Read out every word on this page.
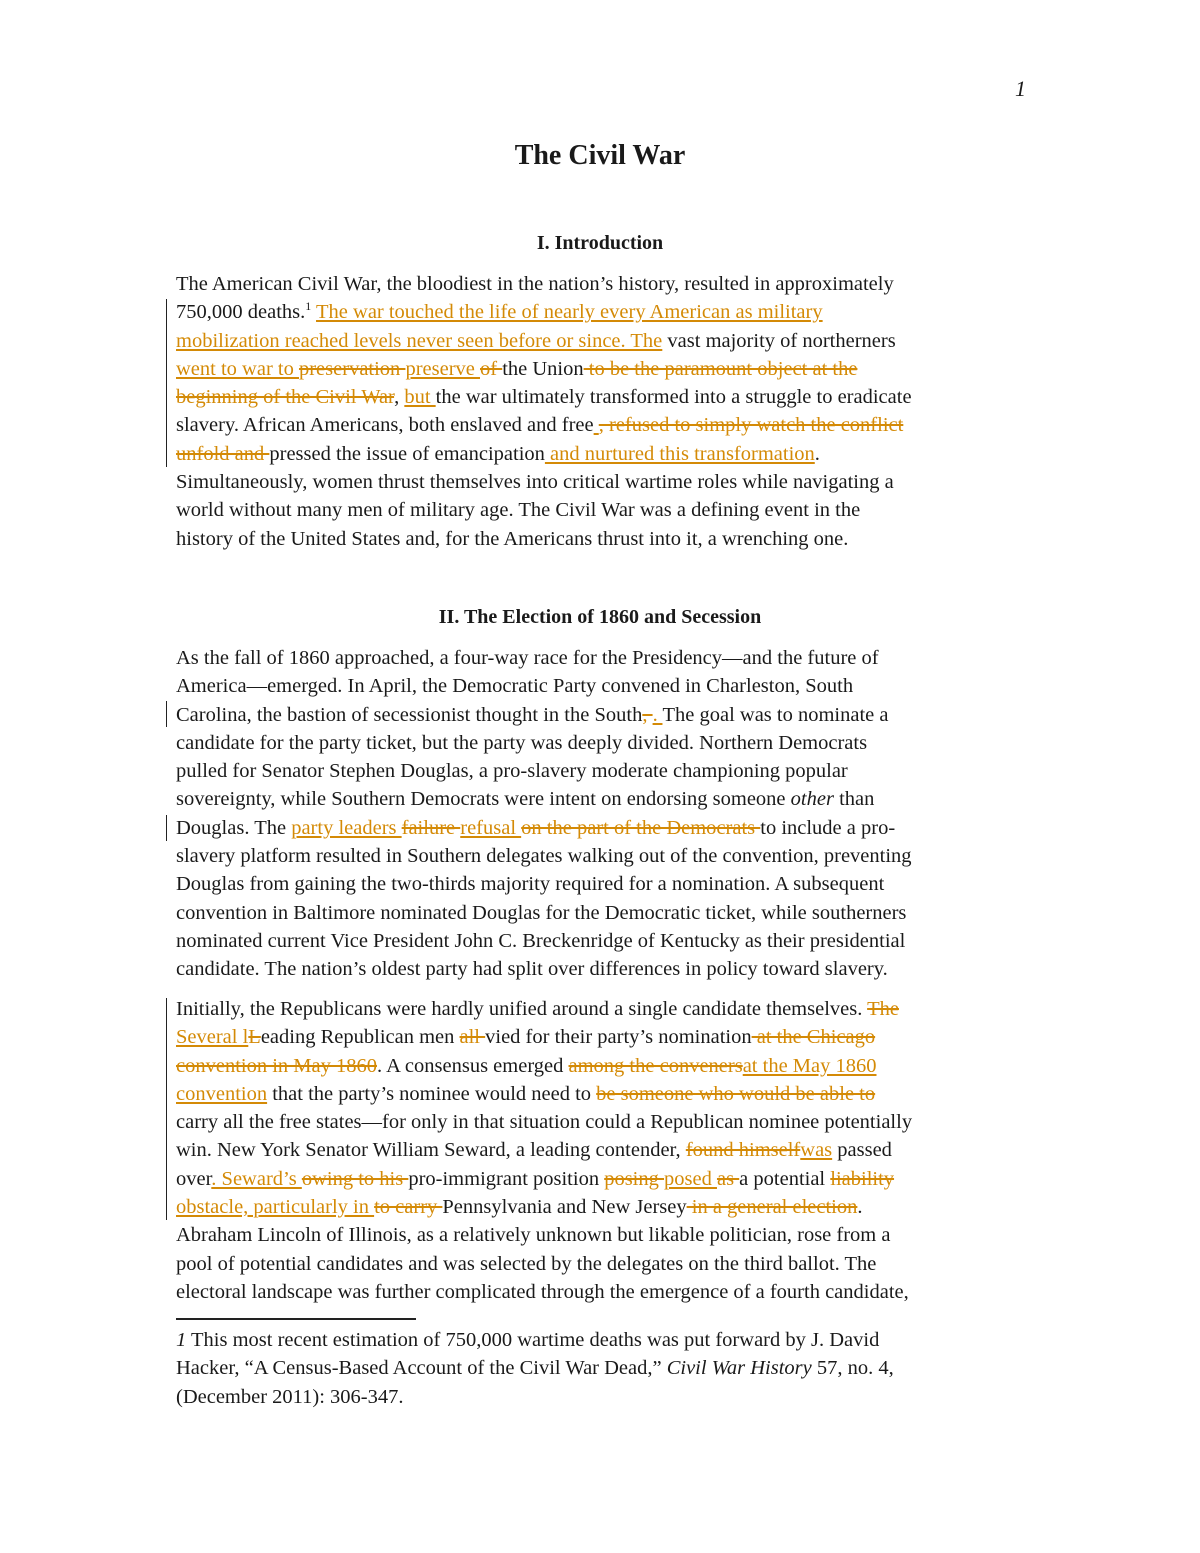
1
The Civil War
I. Introduction
The American Civil War, the bloodiest in the nation’s history, resulted in approximately
750,000 deaths.$^1$ The war touched the life of nearly every American as military
mobilization reached levels never seen before or since. The vast majority of northerners
went to war to preservation preserve of the Union to be the paramount object at the
beginning of the Civil War, but the war ultimately transformed into a struggle to eradicate
slavery. African Americans, both enslaved and free , refused to simply watch the conflict
unfold and pressed the issue of emancipation and nurtured this transformation.
Simultaneously, women thrust themselves into critical wartime roles while navigating a
world without many men of military age. The Civil War was a defining event in the
history of the United States and, for the Americans thrust into it, a wrenching one.
II. The Election of 1860 and Secession
As the fall of 1860 approached, a four-way race for the Presidency—and the future of
America—emerged. In April, the Democratic Party convened in Charleston, South
Carolina, the bastion of secessionist thought in the South, . The goal was to nominate a
candidate for the party ticket, but the party was deeply divided. Northern Democrats
pulled for Senator Stephen Douglas, a pro-slavery moderate championing popular
sovereignty, while Southern Democrats were intent on endorsing someone other than
Douglas. The party leaders failure refusal on the part of the Democrats to include a pro-
slavery platform resulted in Southern delegates walking out of the convention, preventing
Douglas from gaining the two-thirds majority required for a nomination. A subsequent
convention in Baltimore nominated Douglas for the Democratic ticket, while southerners
nominated current Vice President John C. Breckenridge of Kentucky as their presidential
candidate. The nation’s oldest party had split over differences in policy toward slavery.
Initially, the Republicans were hardly unified around a single candidate themselves. The
Several lLeading Republican men all vied for their party’s nomination at the Chicago
convention in May 1860. A consensus emerged among the convenersat the May 1860
convention that the party’s nominee would need to be someone who would be able to
carry all the free states—for only in that situation could a Republican nominee potentially
win. New York Senator William Seward, a leading contender, found himselfwas passed
over. Seward’s owing to his pro-immigrant position posing posed as a potential liability
obstacle, particularly in to carry Pennsylvania and New Jersey in a general election.
Abraham Lincoln of Illinois, as a relatively unknown but likable politician, rose from a
pool of potential candidates and was selected by the delegates on the third ballot. The
electoral landscape was further complicated through the emergence of a fourth candidate,
1 This most recent estimation of 750,000 wartime deaths was put forward by J. David
Hacker, “A Census-Based Account of the Civil War Dead,” Civil War History 57, no. 4,
(December 2011): 306-347.
